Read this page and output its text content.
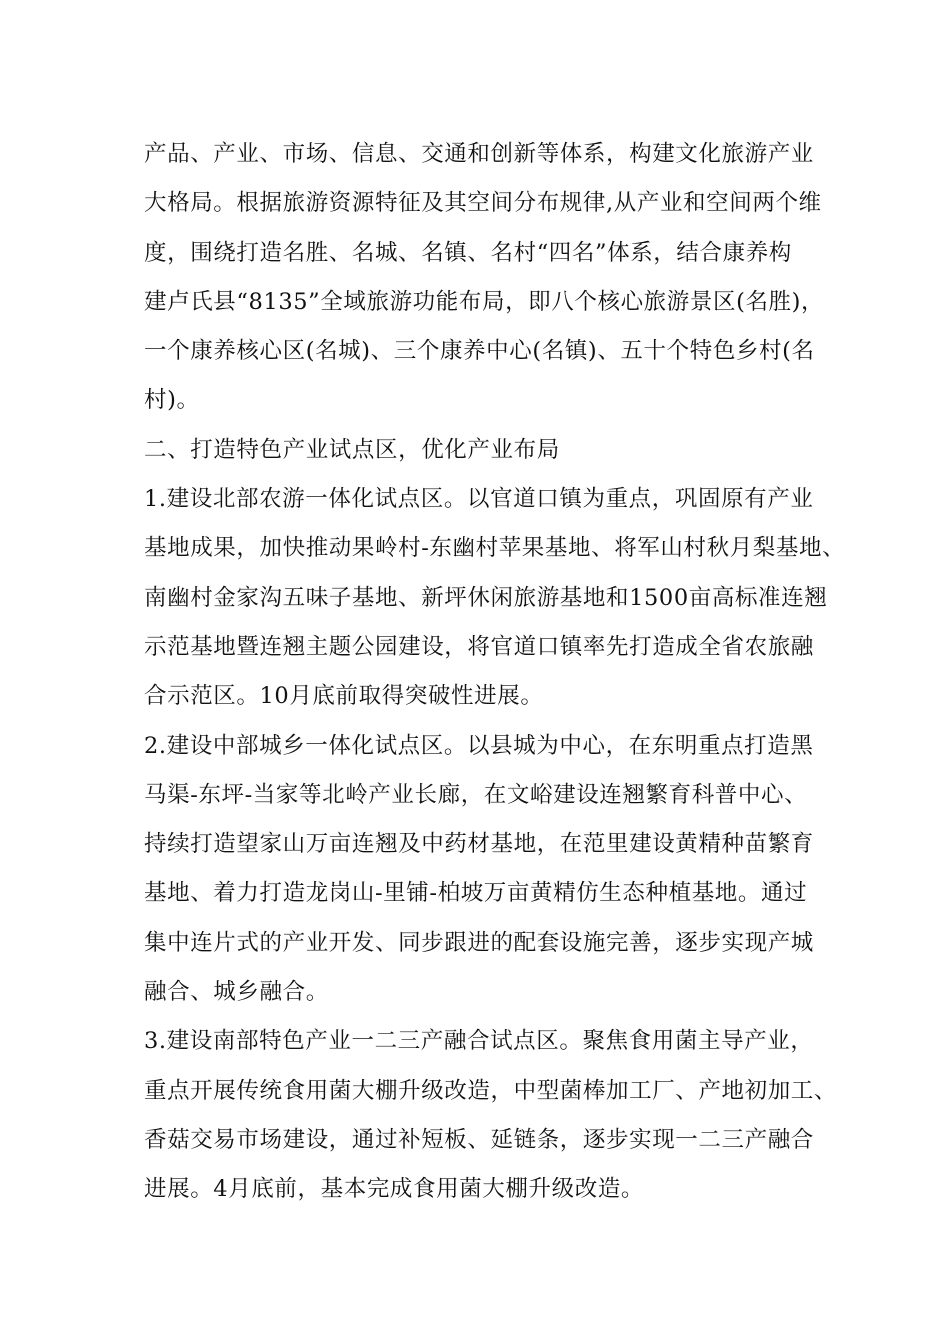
产品、产业、市场、信息、交通和创新等体系，构建文化旅游产业
大格局。根据旅游资源特征及其空间分布规律,从产业和空间两个维
度，围绕打造名胜、名城、名镇、名村“四名”体系，结合康养构
建卢氏县“8135”全域旅游功能布局，即八个核心旅游景区(名胜)，
一个康养核心区(名城)、三个康养中心(名镇)、五十个特色乡村(名
村)。
二、打造特色产业试点区，优化产业布局
1.建设北部农游一体化试点区。以官道口镇为重点，巩固原有产业
基地成果，加快推动果岭村-东幽村苹果基地、将军山村秋月梨基地、
南幽村金家沟五味子基地、新坪休闲旅游基地和1500亩高标准连翘
示范基地暨连翘主题公园建设，将官道口镇率先打造成全省农旅融
合示范区。10月底前取得突破性进展。
2.建设中部城乡一体化试点区。以县城为中心，在东明重点打造黑
马渠-东坪-当家等北岭产业长廊，在文峪建设连翘繁育科普中心、
持续打造望家山万亩连翘及中药材基地，在范里建设黄精种苗繁育
基地、着力打造龙岗山-里铺-柏坡万亩黄精仿生态种植基地。通过
集中连片式的产业开发、同步跟进的配套设施完善，逐步实现产城
融合、城乡融合。
3.建设南部特色产业一二三产融合试点区。聚焦食用菌主导产业，
重点开展传统食用菌大棚升级改造，中型菌棒加工厂、产地初加工、
香菇交易市场建设，通过补短板、延链条，逐步实现一二三产融合
进展。4月底前，基本完成食用菌大棚升级改造。
